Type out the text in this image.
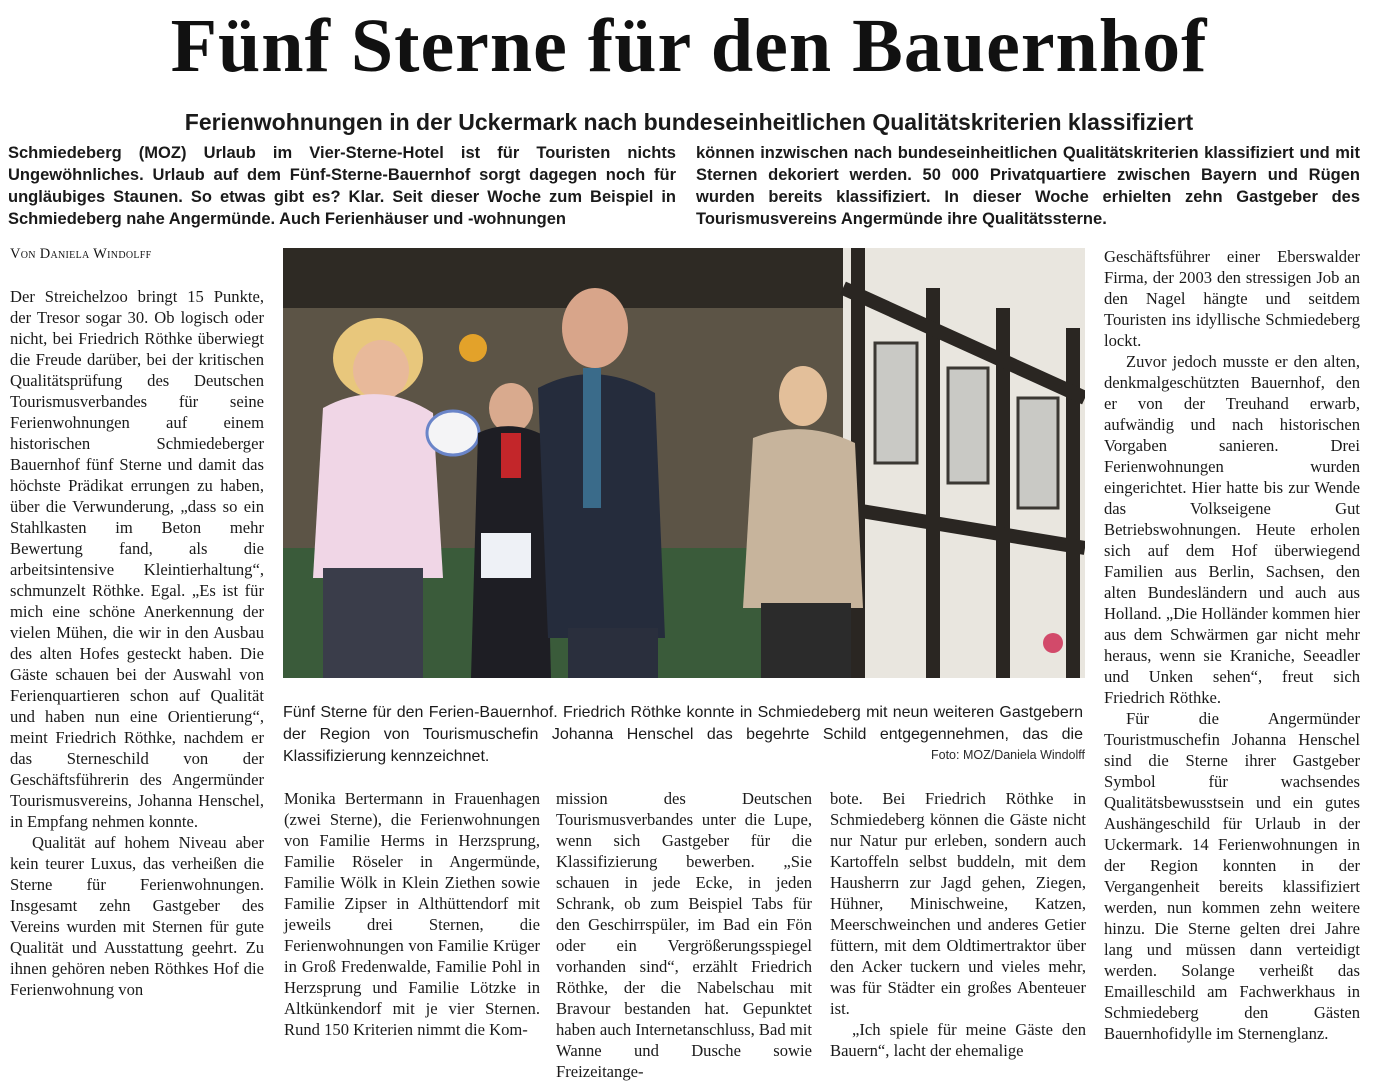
Fünf Sterne für den Bauernhof
Ferienwohnungen in der Uckermark nach bundeseinheitlichen Qualitätskriterien klassifiziert
Schmiedeberg (MOZ) Urlaub im Vier-Sterne-Hotel ist für Touristen nichts Ungewöhnliches. Urlaub auf dem Fünf-Sterne-Bauernhof sorgt dagegen noch für ungläubiges Staunen. So etwas gibt es? Klar. Seit dieser Woche zum Beispiel in Schmiedeberg nahe Angermünde. Auch Ferienhäuser und -wohnungen
können inzwischen nach bundeseinheitlichen Qualitätskriterien klassifiziert und mit Sternen dekoriert werden. 50 000 Privatquartiere zwischen Bayern und Rügen wurden bereits klassifiziert. In dieser Woche erhielten zehn Gastgeber des Tourismusvereins Angermünde ihre Qualitätssterne.
Von Daniela Windolff

Der Streichelzoo bringt 15 Punkte, der Tresor sogar 30. Ob logisch oder nicht, bei Friedrich Röthke überwiegt die Freude darüber, bei der kritischen Qualitätsprüfung des Deutschen Tourismusverbandes für seine Ferienwohnungen auf einem historischen Schmiedeberger Bauernhof fünf Sterne und damit das höchste Prädikat errungen zu haben, über die Verwunderung, „dass so ein Stahlkasten im Beton mehr Bewertung fand, als die arbeitsintensive Kleintierhaltung“, schmunzelt Röthke. Egal. „Es ist für mich eine schöne Anerkennung der vielen Mühen, die wir in den Ausbau des alten Hofes gesteckt haben. Die Gäste schauen bei der Auswahl von Ferienquartieren schon auf Qualität und haben nun eine Orientierung“, meint Friedrich Röthke, nachdem er das Sterneschild von der Geschäftsführerin des Angermünder Tourismusvereins, Johanna Henschel, in Empfang nehmen konnte.

Qualität auf hohem Niveau aber kein teurer Luxus, das verheißen die Sterne für Ferienwohnungen. Insgesamt zehn Gastgeber des Vereins wurden mit Sternen für gute Qualität und Ausstattung geehrt. Zu ihnen gehören neben Röthkes Hof die Ferienwohnung von

Fünf Sterne für den Ferien-Bauernhof. Friedrich Röthke konnte in Schmiedeberg mit neun weiteren Gastgebern der Region von Tourismuschefin Johanna Henschel das begehrte Schild entgegennehmen, das die Klassifizierung kennzeichnet.	Foto: MOZ/Daniela Windolff

Monika Bertermann in Frauenhagen (zwei Sterne), die Ferienwohnungen von Familie Herms in Herzsprung, Familie Röseler in Angermünde, Familie Wölk in Klein Ziethen sowie Familie Zipser in Althüttendorf mit jeweils drei Sternen, die Ferienwohnungen von Familie Krüger in Groß Fredenwalde, Familie Pohl in Herzsprung und Familie Lötzke in Altkünkendorf mit je vier Sternen. Rund 150 Kriterien nimmt die Kom-

mission des Deutschen Tourismusverbandes unter die Lupe, wenn sich Gastgeber für die Klassifizierung bewerben. „Sie schauen in jede Ecke, in jeden Schrank, ob zum Beispiel Tabs für den Geschirrspüler, im Bad ein Fön oder ein Vergrößerungsspiegel vorhanden sind“, erzählt Friedrich Röthke, der die Nabelschau mit Bravour bestanden hat. Gepunktet haben auch Internetanschluss, Bad mit Wanne und Dusche sowie Freizeitange-

bote. Bei Friedrich Röthke in Schmiedeberg können die Gäste nicht nur Natur pur erleben, sondern auch Kartoffeln selbst buddeln, mit dem Hausherrn zur Jagd gehen, Ziegen, Hühner, Minischweine, Katzen, Meerschweinchen und anderes Getier füttern, mit dem Oldtimertraktor über den Acker tuckern und vieles mehr, was für Städter ein großes Abenteuer ist.

„Ich spiele für meine Gäste den Bauern“, lacht der ehemalige

Geschäftsführer einer Eberswalder Firma, der 2003 den stressigen Job an den Nagel hängte und seitdem Touristen ins idyllische Schmiedeberg lockt.

Zuvor jedoch musste er den alten, denkmalgeschützten Bauernhof, den er von der Treuhand erwarb, aufwändig und nach historischen Vorgaben sanieren. Drei Ferienwohnungen wurden eingerichtet. Hier hatte bis zur Wende das Volkseigene Gut Betriebswohnungen. Heute erholen sich auf dem Hof überwiegend Familien aus Berlin, Sachsen, den alten Bundesländern und auch aus Holland. „Die Holländer kommen hier aus dem Schwärmen gar nicht mehr heraus, wenn sie Kraniche, Seeadler und Unken sehen“, freut sich Friedrich Röthke.

Für die Angermünder Touristmuschefin Johanna Henschel sind die Sterne ihrer Gastgeber Symbol für wachsendes Qualitätsbewusstsein und ein gutes Aushängeschild für Urlaub in der Uckermark. 14 Ferienwohnungen in der Region konnten in der Vergangenheit bereits klassifiziert werden, nun kommen zehn weitere hinzu. Die Sterne gelten drei Jahre lang und müssen dann verteidigt werden. Solange verheißt das Emailleschild am Fachwerkhaus in Schmiedeberg den Gästen Bauernhofidylle im Sternenglanz.
